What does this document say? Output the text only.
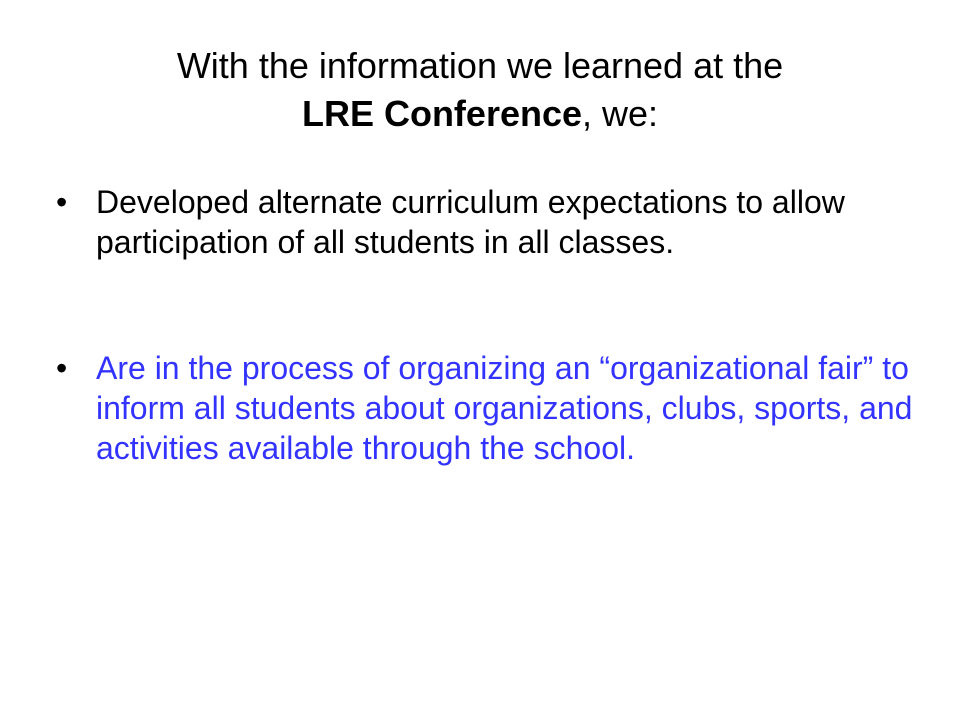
With the information we learned at the
LRE Conference, we:
• Developed alternate curriculum expectations to allow participation of all students in all classes.
• Are in the process of organizing an “organizational fair” to inform all students about organizations, clubs, sports, and activities available through the school.
